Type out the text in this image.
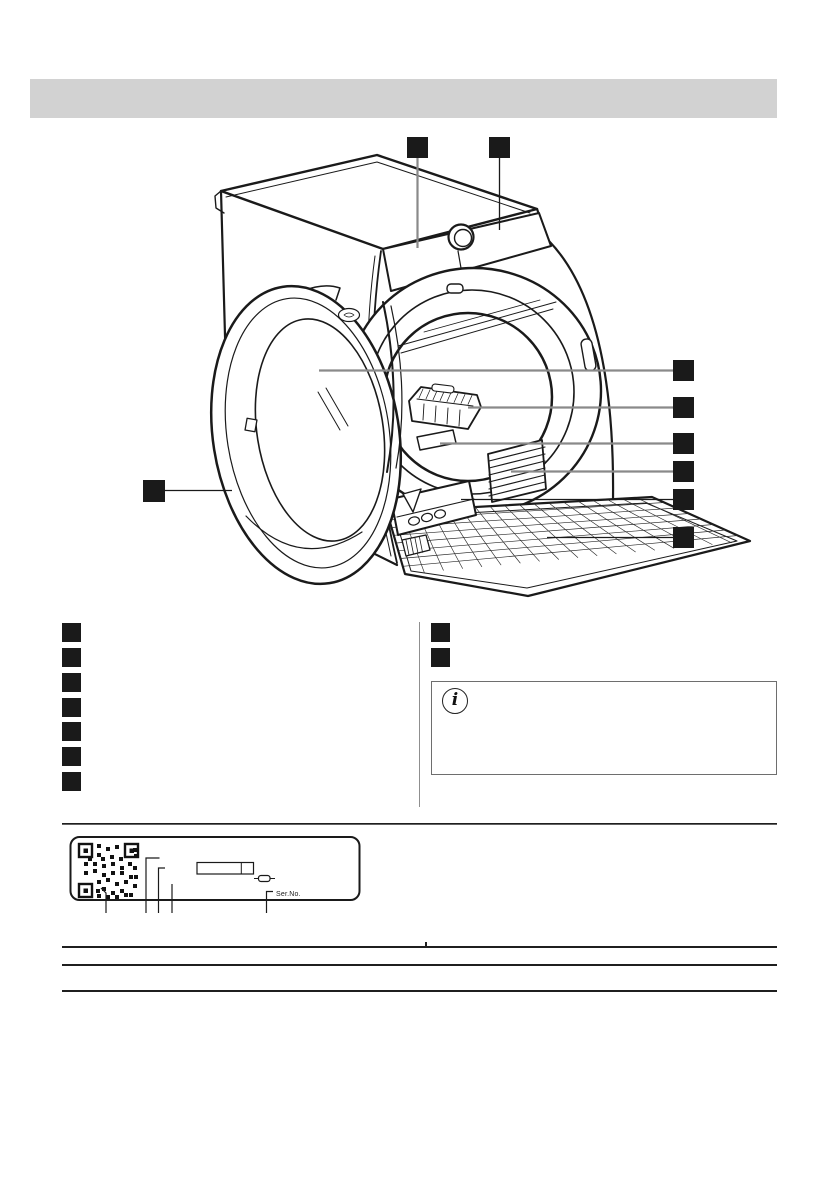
Ser.No.
i
